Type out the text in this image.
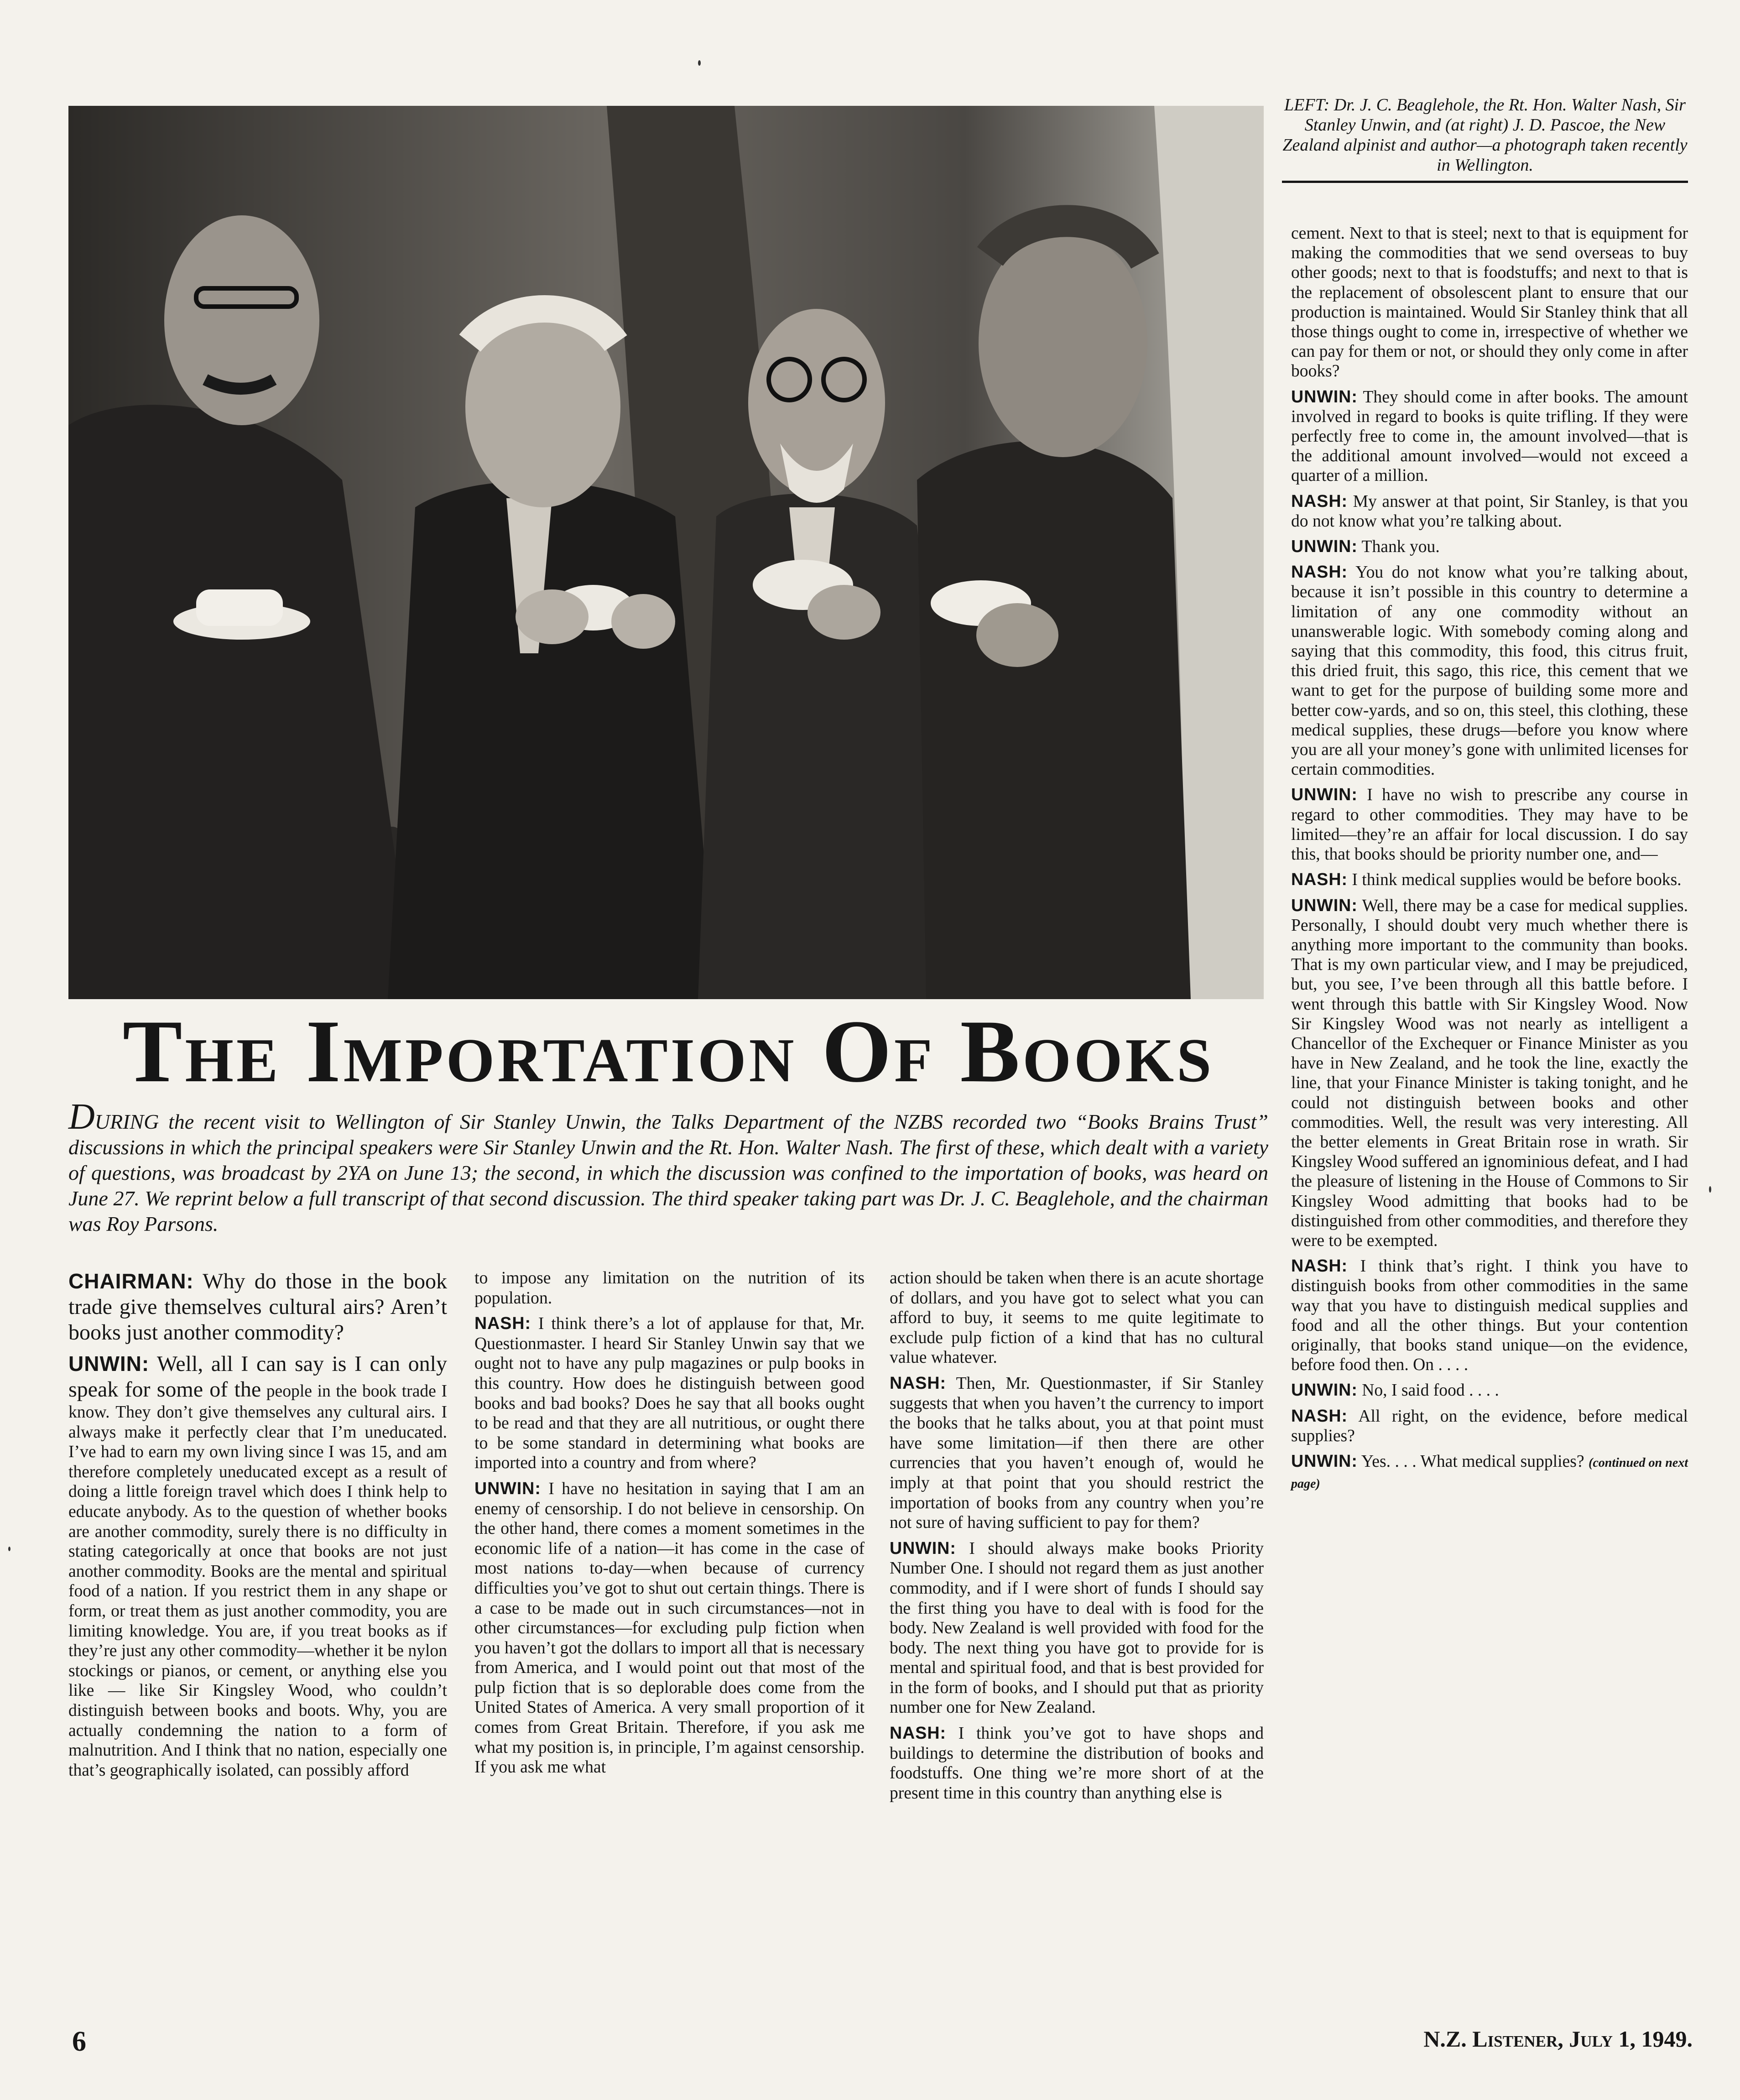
LEFT: Dr. J. C. Beaglehole, the Rt. Hon. Walter Nash, Sir Stanley Unwin, and (at right) J. D. Pascoe, the New Zealand alpinist and author—a photograph taken recently in Wellington.

cement. Next to that is steel; next to that is equipment for making the commodities that we send overseas to buy other goods; next to that is foodstuffs; and next to that is the replacement of obsolescent plant to ensure that our production is maintained. Would Sir Stanley think that all those things ought to come in, irrespective of whether we can pay for them or not, or should they only come in after books?

UNWIN: They should come in after books. The amount involved in regard to books is quite trifling. If they were perfectly free to come in, the amount involved—that is the additional amount involved—would not exceed a quarter of a million.

NASH: My answer at that point, Sir Stanley, is that you do not know what you’re talking about.

UNWIN: Thank you.

NASH: You do not know what you’re talking about, because it isn’t possible in this country to determine a limitation of any one commodity without an unanswerable logic. With somebody coming along and saying that this commodity, this food, this citrus fruit, this dried fruit, this sago, this rice, this cement that we want to get for the purpose of building some more and better cow-yards, and so on, this steel, this clothing, these medical supplies, these drugs—before you know where you are all your money’s gone with unlimited licenses for certain commodities.

UNWIN: I have no wish to prescribe any course in regard to other commodities. They may have to be limited—they’re an affair for local discussion. I do say this, that books should be priority number one, and—

NASH: I think medical supplies would be before books.

UNWIN: Well, there may be a case for medical supplies. Personally, I should doubt very much whether there is anything more important to the community than books. That is my own particular view, and I may be prejudiced, but, you see, I’ve been through all this battle before. I went through this battle with Sir Kingsley Wood. Now Sir Kingsley Wood was not nearly as intelligent a Chancellor of the Exchequer or Finance Minister as you have in New Zealand, and he took the line, exactly the line, that your Finance Minister is taking tonight, and he could not distinguish between books and other commodities. Well, the result was very interesting. All the better elements in Great Britain rose in wrath. Sir Kingsley Wood suffered an ignominious defeat, and I had the pleasure of listening in the House of Commons to Sir Kingsley Wood admitting that books had to be distinguished from other commodities, and therefore they were to be exempted.

NASH: I think that’s right. I think you have to distinguish books from other commodities in the same way that you have to distinguish medical supplies and food and all the other things. But your contention originally, that books stand unique—on the evidence, before food then. On . . . .

UNWIN: No, I said food . . . .

NASH: All right, on the evidence, before medical supplies?

UNWIN: Yes. . . . What medical supplies? (continued on next page)

The Importation Of Books
DURING the recent visit to Wellington of Sir Stanley Unwin, the Talks Department of the NZBS recorded two “Books Brains Trust” discussions in which the principal speakers were Sir Stanley Unwin and the Rt. Hon. Walter Nash. The first of these, which dealt with a variety of questions, was broadcast by 2YA on June 13; the second, in which the discussion was confined to the importation of books, was heard on June 27. We reprint below a full transcript of that second discussion. The third speaker taking part was Dr. J. C. Beaglehole, and the chairman was Roy Parsons.

CHAIRMAN: Why do those in the book trade give themselves cultural airs? Aren’t books just another commodity?

UNWIN: Well, all I can say is I can only speak for some of the people in the book trade I know. They don’t give themselves any cultural airs. I always make it perfectly clear that I’m uneducated. I’ve had to earn my own living since I was 15, and am therefore completely uneducated except as a result of doing a little foreign travel which does I think help to educate anybody. As to the question of whether books are another commodity, surely there is no difficulty in stating categorically at once that books are not just another commodity. Books are the mental and spiritual food of a nation. If you restrict them in any shape or form, or treat them as just another commodity, you are limiting knowledge. You are, if you treat books as if they’re just any other commodity—whether it be nylon stockings or pianos, or cement, or anything else you like — like Sir Kingsley Wood, who couldn’t distinguish between books and boots. Why, you are actually condemning the nation to a form of malnutrition. And I think that no nation, especially one that’s geographically isolated, can possibly afford

to impose any limitation on the nutrition of its population.

NASH: I think there’s a lot of applause for that, Mr. Questionmaster. I heard Sir Stanley Unwin say that we ought not to have any pulp magazines or pulp books in this country. How does he distinguish between good books and bad books? Does he say that all books ought to be read and that they are all nutritious, or ought there to be some standard in determining what books are imported into a country and from where?

UNWIN: I have no hesitation in saying that I am an enemy of censorship. I do not believe in censorship. On the other hand, there comes a moment sometimes in the economic life of a nation—it has come in the case of most nations to-day—when because of currency difficulties you’ve got to shut out certain things. There is a case to be made out in such circumstances—not in other circumstances—for excluding pulp fiction when you haven’t got the dollars to import all that is necessary from America, and I would point out that most of the pulp fiction that is so deplorable does come from the United States of America. A very small proportion of it comes from Great Britain. Therefore, if you ask me what my position is, in principle, I’m against censorship. If you ask me what

action should be taken when there is an acute shortage of dollars, and you have got to select what you can afford to buy, it seems to me quite legitimate to exclude pulp fiction of a kind that has no cultural value whatever.

NASH: Then, Mr. Questionmaster, if Sir Stanley suggests that when you haven’t the currency to import the books that he talks about, you at that point must have some limitation—if then there are other currencies that you haven’t enough of, would he imply at that point that you should restrict the importation of books from any country when you’re not sure of having sufficient to pay for them?

UNWIN: I should always make books Priority Number One. I should not regard them as just another commodity, and if I were short of funds I should say the first thing you have to deal with is food for the body. New Zealand is well provided with food for the body. The next thing you have got to provide for is mental and spiritual food, and that is best provided for in the form of books, and I should put that as priority number one for New Zealand.

NASH: I think you’ve got to have shops and buildings to determine the distribution of books and foodstuffs. One thing we’re more short of at the present time in this country than anything else is

6	N.Z. Listener, July 1, 1949.
